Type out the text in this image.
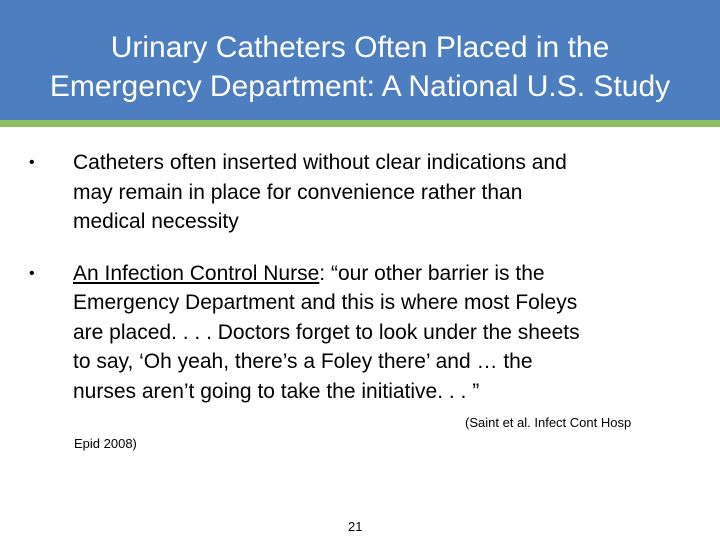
Urinary Catheters Often Placed in the
Emergency Department: A National U.S. Study
• Catheters often inserted without clear indications and
may remain in place for convenience rather than
medical necessity
• An Infection Control Nurse: “our other barrier is the
Emergency Department and this is where most Foleys
are placed. . . . Doctors forget to look under the sheets
to say, ‘Oh yeah, there’s a Foley there’ and … the
nurses aren’t going to take the initiative. . . ”
(Saint et al. Infect Cont Hosp
Epid 2008)
21
